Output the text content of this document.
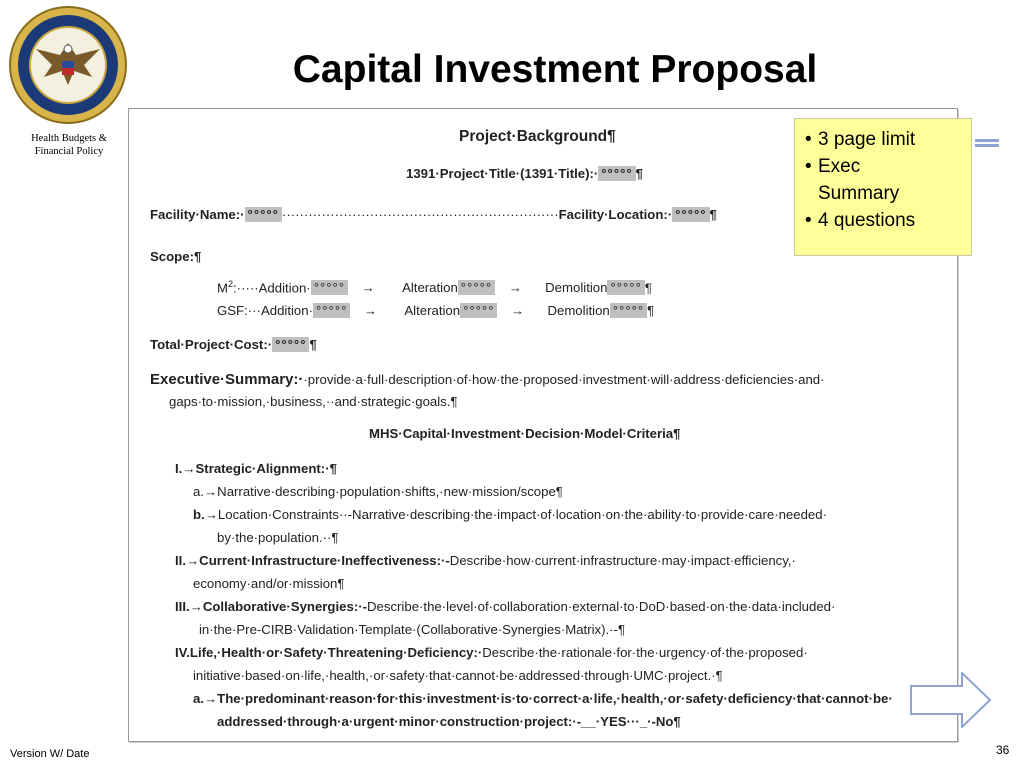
Health Budgets &
Financial Policy
Capital Investment Proposal
Project·Background¶
1391·Project·Title·(1391·Title):· °°°°° ¶
Facility·Name:· °°°°° ·······························································Facility·Location:· °°°°° ¶
Scope:¶
$M^2:\cdot\cdot\cdot\cdot\cdot Addition\cdot$ °°°°° → Alteration °°°°° → Demolition °°°°° ¶
GSF:···Addition· °°°°° → Alteration °°°°° → Demolition °°°°° ¶
Total·Project·Cost:· °°°°° ¶
Executive·Summary:··provide·a·full·description·of·how·the·proposed·investment·will·address·deficiencies·and·
gaps·to·mission,·business,··and·strategic·goals.¶
MHS·Capital·Investment·Decision·Model·Criteria¶
I.→Strategic·Alignment:·¶
a.→Narrative·describing·population·shifts,·new·mission/scope¶
b.→Location·Constraints··-Narrative·describing·the·impact·of·location·on·the·ability·to·provide·care·needed·
by·the·population.··¶
II.→Current·Infrastructure·Ineffectiveness:·-Describe·how·current·infrastructure·may·impact·efficiency,·
economy·and/or·mission¶
III.→Collaborative·Synergies:·-Describe·the·level·of·collaboration·external·to·DoD·based·on·the·data·included·
in·the·Pre-CIRB·Validation·Template·(Collaborative·Synergies·Matrix).·-¶
IV.Life,·Health·or·Safety·Threatening·Deficiency:·Describe·the·rationale·for·the·urgency·of·the·proposed·
initiative·based·on·life,·health,·or·safety·that·cannot·be·addressed·through·UMC·project.·¶
a.→The·predominant·reason·for·this·investment·is·to·correct·a·life,·health,·or·safety·deficiency·that·cannot·be·
addressed·through·a·urgent·minor·construction·project:·-__·YES···_·-No¶
• 3 page limit
• Exec Summary
• 4 questions
Version W/ Date	36
